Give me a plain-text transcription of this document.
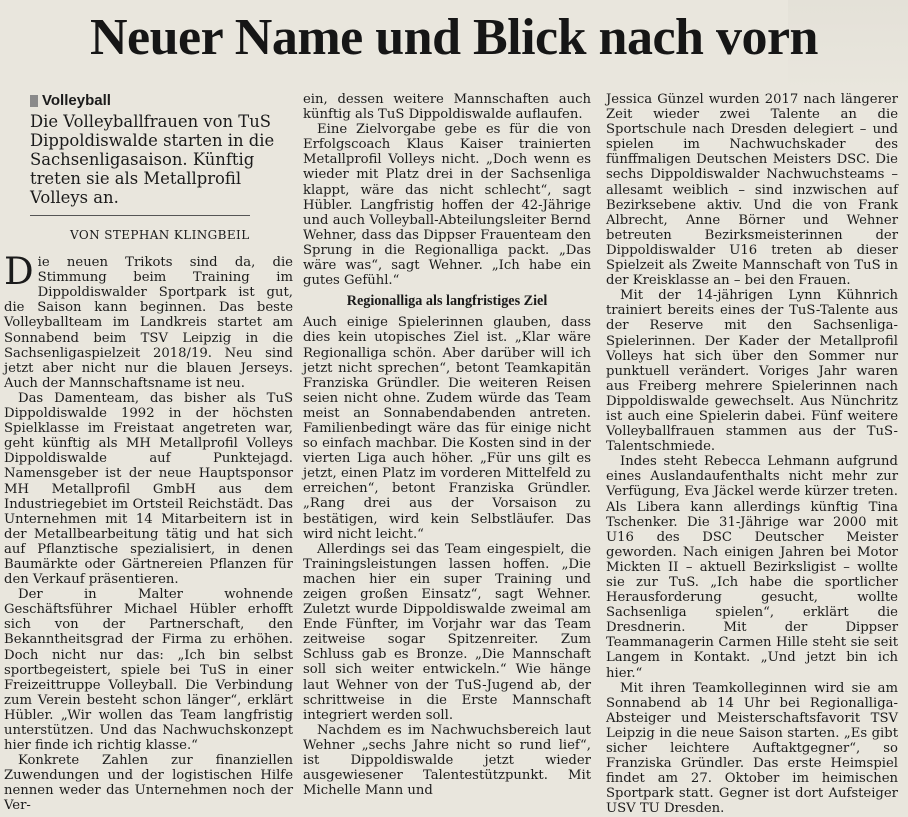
Neuer Name und Blick nach vorn
Volleyball
Die Volleyballfrauen von TuS Dippoldiswalde starten in die Sachsenligasaison. Künftig treten sie als Metallprofil Volleys an.
VON STEPHAN KLINGBEIL

Die neuen Trikots sind da, die Stimmung beim Training im Dippoldiswalder Sportpark ist gut, die Saison kann beginnen. Das beste Volleyballteam im Landkreis startet am Sonnabend beim TSV Leipzig in die Sachsenligaspielzeit 2018/19. Neu sind jetzt aber nicht nur die blauen Jerseys. Auch der Mannschaftsname ist neu.

Das Damenteam, das bisher als TuS Dippoldiswalde 1992 in der höchsten Spielklasse im Freistaat angetreten war, geht künftig als MH Metallprofil Volleys Dippoldiswalde auf Punktejagd. Namensgeber ist der neue Hauptsponsor MH Metallprofil GmbH aus dem Industriegebiet im Ortsteil Reichstädt. Das Unternehmen mit 14 Mitarbeitern ist in der Metallbearbeitung tätig und hat sich auf Pflanztische spezialisiert, in denen Baumärkte oder Gärtnereien Pflanzen für den Verkauf präsentieren.

Der in Malter wohnende Geschäftsführer Michael Hübler erhofft sich von der Partnerschaft, den Bekanntheitsgrad der Firma zu erhöhen. Doch nicht nur das: „Ich bin selbst sportbegeistert, spiele bei TuS in einer Freizeittruppe Volleyball. Die Verbindung zum Verein besteht schon länger“, erklärt Hübler. „Wir wollen das Team langfristig unterstützen. Und das Nachwuchskonzept hier finde ich richtig klasse.“

Konkrete Zahlen zur finanziellen Zuwendungen und der logistischen Hilfe nennen weder das Unternehmen noch der Ver-

ein, dessen weitere Mannschaften auch künftig als TuS Dippoldiswalde auflaufen.

Eine Zielvorgabe gebe es für die von Erfolgscoach Klaus Kaiser trainierten Metallprofil Volleys nicht. „Doch wenn es wieder mit Platz drei in der Sachsenliga klappt, wäre das nicht schlecht“, sagt Hübler. Langfristig hoffen der 42-Jährige und auch Volleyball-Abteilungsleiter Bernd Wehner, dass das Dippser Frauenteam den Sprung in die Regionalliga packt. „Das wäre was“, sagt Wehner. „Ich habe ein gutes Gefühl.“

Regionalliga als langfristiges Ziel

Auch einige Spielerinnen glauben, dass dies kein utopisches Ziel ist. „Klar wäre Regionalliga schön. Aber darüber will ich jetzt nicht sprechen“, betont Teamkapitän Franziska Gründler. Die weiteren Reisen seien nicht ohne. Zudem würde das Team meist an Sonnabendabenden antreten. Familienbedingt wäre das für einige nicht so einfach machbar. Die Kosten sind in der vierten Liga auch höher. „Für uns gilt es jetzt, einen Platz im vorderen Mittelfeld zu erreichen“, betont Franziska Gründler. „Rang drei aus der Vorsaison zu bestätigen, wird kein Selbstläufer. Das wird nicht leicht.“

Allerdings sei das Team eingespielt, die Trainingsleistungen lassen hoffen. „Die machen hier ein super Training und zeigen großen Einsatz“, sagt Wehner. Zuletzt wurde Dippoldiswalde zweimal am Ende Fünfter, im Vorjahr war das Team zeitweise sogar Spitzenreiter. Zum Schluss gab es Bronze. „Die Mannschaft soll sich weiter entwickeln.“ Wie hänge laut Wehner von der TuS-Jugend ab, der schrittweise in die Erste Mannschaft integriert werden soll.

Nachdem es im Nachwuchsbereich laut Wehner „sechs Jahre nicht so rund lief“, ist Dippoldiswalde jetzt wieder ausgewiesener Talentestützpunkt. Mit Michelle Mann und

Jessica Günzel wurden 2017 nach längerer Zeit wieder zwei Talente an die Sportschule nach Dresden delegiert – und spielen im Nachwuchskader des fünffmaligen Deutschen Meisters DSC. Die sechs Dippoldiswalder Nachwuchsteams – allesamt weiblich – sind inzwischen auf Bezirksebene aktiv. Und die von Frank Albrecht, Anne Börner und Wehner betreuten Bezirksmeisterinnen der Dippoldiswalder U16 treten ab dieser Spielzeit als Zweite Mannschaft von TuS in der Kreisklasse an – bei den Frauen.

Mit der 14-jährigen Lynn Kühnrich trainiert bereits eines der TuS-Talente aus der Reserve mit den Sachsenliga-Spielerinnen. Der Kader der Metallprofil Volleys hat sich über den Sommer nur punktuell verändert. Voriges Jahr waren aus Freiberg mehrere Spielerinnen nach Dippoldiswalde gewechselt. Aus Nünchritz ist auch eine Spielerin dabei. Fünf weitere Volleyballfrauen stammen aus der TuS-Talentschmiede.

Indes steht Rebecca Lehmann aufgrund eines Auslandaufenthalts nicht mehr zur Verfügung, Eva Jäckel werde kürzer treten. Als Libera kann allerdings künftig Tina Tschenker. Die 31-Jährige war 2000 mit U16 des DSC Deutscher Meister geworden. Nach einigen Jahren bei Motor Mickten II – aktuell Bezirksligist – wollte sie zur TuS. „Ich habe die sportlicher Herausforderung gesucht, wollte Sachsenliga spielen“, erklärt die Dresdnerin. Mit der Dippser Teammanagerin Carmen Hille steht sie seit Langem in Kontakt. „Und jetzt bin ich hier.“

Mit ihren Teamkolleginnen wird sie am Sonnabend ab 14 Uhr bei Regionalliga-Absteiger und Meisterschaftsfavorit TSV Leipzig in die neue Saison starten. „Es gibt sicher leichtere Auftaktgegner“, so Franziska Gründler. Das erste Heimspiel findet am 27. Oktober im heimischen Sportpark statt. Gegner ist dort Aufsteiger USV TU Dresden.
